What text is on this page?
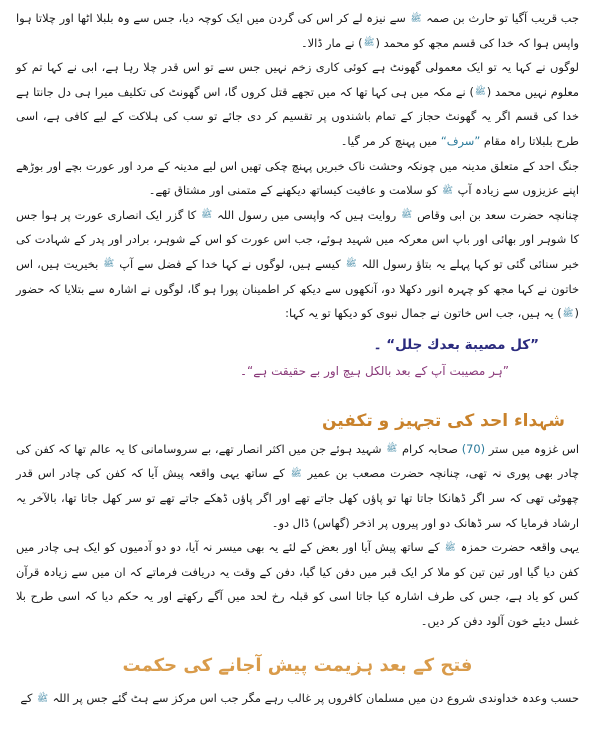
جب قریب آگیا تو حارث بن صمہ ﷺ سے نیزہ لے کر اس کی گردن میں ایک کوچہ دیا، جس سے وہ بلبلا اٹھا اور چلاتا ہوا واپس ہوا کہ خدا کی قسم مجھ کو محمد (ﷺ) نے مار ڈالا۔

لوگوں نے کہا یہ تو ایک معمولی گھونٹ ہے کوئی کاری زخم نہیں جس سے تو اس قدر چلا رہا ہے، ابی نے کہا تم کو معلوم نہیں محمد (ﷺ) نے مکہ میں ہی کہا تھا کہ میں تجھے قتل کروں گا، اس گھونٹ کی تکلیف میرا ہی دل جانتا ہے خدا کی قسم اگر یہ گھونٹ حجاز کے تمام باشندوں پر تقسیم کر دی جائے تو سب کی ہلاکت کے لیے کافی ہے، اسی طرح بلبلاتا راہ مقام ”سرف“ میں پہنچ کر مر گیا۔

جنگ احد کے متعلق مدینہ میں چونکہ وحشت ناک خبریں پہنچ چکی تھیں اس لیے مدینہ کے مرد اور عورت بچے اور بوڑھے اپنے عزیزوں سے زیادہ آپ ﷺ کو سلامت و عافیت کیساتھ دیکھنے کے متمنی اور مشتاق تھے۔

چنانچہ حضرت سعد بن ابی وقاص ﷺ روایت ہیں کہ واپسی میں رسول اللہ ﷺ کا گزر ایک انصاری عورت پر ہوا جس کا شوہر اور بھائی اور باپ اس معرکہ میں شہید ہوئے، جب اس عورت کو اس کے شوہر، برادر اور پدر کے شہادت کی خبر سنائی گئی تو کہا پہلے یہ بتاؤ رسول اللہ ﷺ کیسے ہیں، لوگوں نے کہا خدا کے فضل سے آپ ﷺ بخیریت ہیں، اس خاتون نے کہا مجھ کو چہرہ انور دکھلا دو، آنکھوں سے دیکھ کر اطمینان پورا ہو گا، لوگوں نے اشارہ سے بتلایا کہ حضور (ﷺ) یہ ہیں، جب اس خاتون نے جمال نبوی کو دیکھا تو یہ کہا:

”كل مصيبة بعدك جلل“ ۔

”ہر مصیبت آپ کے بعد بالکل ہیچ اور بے حقیقت ہے“۔

شہداء احد کی تجہیز و تکفین

اس غزوہ میں ستر (70) صحابہ کرام ﷺ شہید ہوئے جن میں اکثر انصار تھے، بے سروسامانی کا یہ عالم تھا کہ کفن کی چادر بھی پوری نہ تھی، چنانچہ حضرت مصعب بن عمیر ﷺ کے ساتھ یہی واقعہ پیش آیا کہ کفن کی چادر اس قدر چھوٹی تھی کہ سر اگر ڈھانکا جاتا تھا تو پاؤں کھل جاتے تھے اور اگر پاؤں ڈھکے جاتے تھے تو سر کھل جاتا تھا، بالآخر یہ ارشاد فرمایا کہ سر ڈھانک دو اور پیروں پر اذخر (گھاس) ڈال دو۔

یہی واقعہ حضرت حمزہ ﷺ کے ساتھ پیش آیا اور بعض کے لئے یہ بھی میسر نہ آیا، دو دو آدمیوں کو ایک ہی چادر میں کفن دیا گیا اور تین تین کو ملا کر ایک قبر میں دفن کیا گیا، دفن کے وقت یہ دریافت فرماتے کہ ان میں سے زیادہ قرآن کس کو یاد ہے، جس کی طرف اشارہ کیا جاتا اسی کو قبلہ رخ لحد میں آگے رکھتے اور یہ حکم دیا کہ اسی طرح بلا غسل دیئے خون آلود دفن کر دیں۔

فتح کے بعد ہزیمت پیش آجانے کی حکمت

حسب وعدہ خداوندی شروع دن میں مسلمان کافروں پر غالب رہے مگر جب اس مرکز سے ہٹ گئے جس پر اللہ ﷺ کے
